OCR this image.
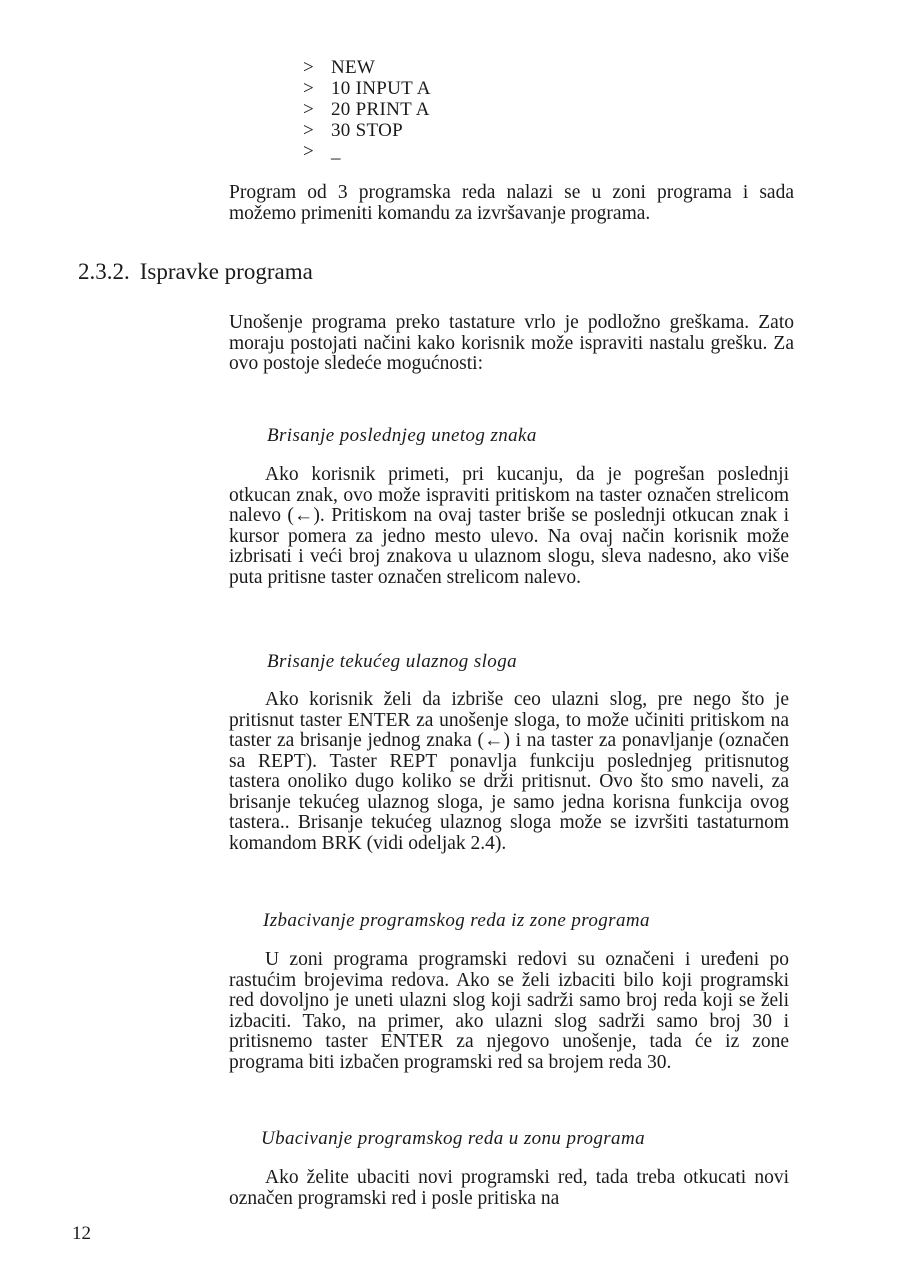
> NEW
> 10 INPUT A
> 20 PRINT A
> 30 STOP
> _
Program od 3 programska reda nalazi se u zoni programa i sada možemo primeniti komandu za izvršavanje programa.
2.3.2. Ispravke programa
Unošenje programa preko tastature vrlo je podložno greškama. Zato moraju postojati načini kako korisnik može ispraviti nastalu grešku. Za ovo postoje sledeće mogućnosti:
Brisanje poslednjeg unetog znaka
Ako korisnik primeti, pri kucanju, da je pogrešan poslednji otkucan znak, ovo može ispraviti pritiskom na taster označen strelicom nalevo (←). Pritiskom na ovaj taster briše se poslednji otkucan znak i kursor pomera za jedno mesto ulevo. Na ovaj način korisnik može izbrisati i veći broj znakova u ulaznom slogu, sleva nadesno, ako više puta pritisne taster označen strelicom nalevo.
Brisanje tekućeg ulaznog sloga
Ako korisnik želi da izbriše ceo ulazni slog, pre nego što je pritisnut taster ENTER za unošenje sloga, to može učiniti pritiskom na taster za brisanje jednog znaka (←) i na taster za ponavljanje (označen sa REPT). Taster REPT ponavlja funkciju poslednjeg pritisnutog tastera onoliko dugo koliko se drži pritisnut. Ovo što smo naveli, za brisanje tekućeg ulaznog sloga, je samo jedna korisna funkcija ovog tastera.. Brisanje tekućeg ulaznog sloga može se izvršiti tastaturnom komandom BRK (vidi odeljak 2.4).
Izbacivanje programskog reda iz zone programa
U zoni programa programski redovi su označeni i uređeni po rastućim brojevima redova. Ako se želi izbaciti bilo koji programski red dovoljno je uneti ulazni slog koji sadrži samo broj reda koji se želi izbaciti. Tako, na primer, ako ulazni slog sadrži samo broj 30 i pritisnemo taster ENTER za njegovo unošenje, tada će iz zone programa biti izbačen programski red sa brojem reda 30.
Ubacivanje programskog reda u zonu programa
Ako želite ubaciti novi programski red, tada treba otkucati novi označen programski red i posle pritiska na
12
